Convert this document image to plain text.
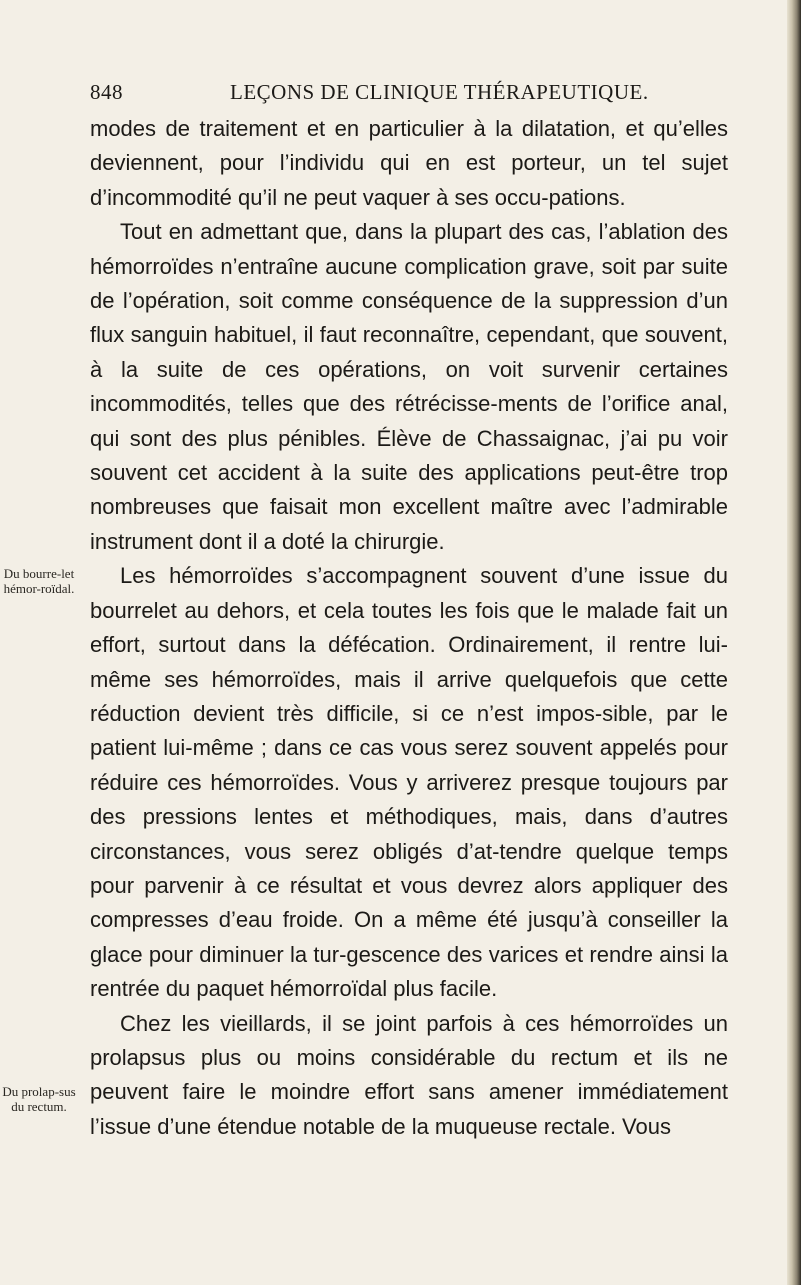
848	LEÇONS DE CLINIQUE THÉRAPEUTIQUE.
Du bourre-let hémor-roïdal.
Du prolap-sus du rectum.

modes de traitement et en particulier à la dilatation, et qu’elles deviennent, pour l’individu qui en est porteur, un tel sujet d’incommodité qu’il ne peut vaquer à ses occu-pations.

Tout en admettant que, dans la plupart des cas, l’ablation des hémorroïdes n’entraîne aucune complication grave, soit par suite de l’opération, soit comme conséquence de la suppression d’un flux sanguin habituel, il faut reconnaître, cependant, que souvent, à la suite de ces opérations, on voit survenir certaines incommodités, telles que des rétrécisse-ments de l’orifice anal, qui sont des plus pénibles. Élève de Chassaignac, j’ai pu voir souvent cet accident à la suite des applications peut-être trop nombreuses que faisait mon excellent maître avec l’admirable instrument dont il a doté la chirurgie.

Les hémorroïdes s’accompagnent souvent d’une issue du bourrelet au dehors, et cela toutes les fois que le malade fait un effort, surtout dans la défécation. Ordinairement, il rentre lui-même ses hémorroïdes, mais il arrive quelquefois que cette réduction devient très difficile, si ce n’est impos-sible, par le patient lui-même ; dans ce cas vous serez souvent appelés pour réduire ces hémorroïdes. Vous y arriverez presque toujours par des pressions lentes et méthodiques, mais, dans d’autres circonstances, vous serez obligés d’at-tendre quelque temps pour parvenir à ce résultat et vous devrez alors appliquer des compresses d’eau froide. On a même été jusqu’à conseiller la glace pour diminuer la tur-gescence des varices et rendre ainsi la rentrée du paquet hémorroïdal plus facile.

Chez les vieillards, il se joint parfois à ces hémorroïdes un prolapsus plus ou moins considérable du rectum et ils ne peuvent faire le moindre effort sans amener immédiatement l’issue d’une étendue notable de la muqueuse rectale. Vous
